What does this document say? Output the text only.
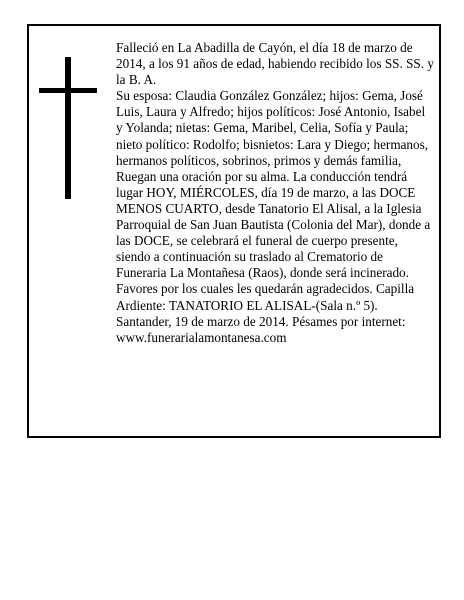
Falleció en La Abadilla de Cayón, el día 18 de marzo de 2014, a los 91 años de edad, habiendo recibido los SS. SS. y la B. A.

Su esposa: Claudia González González; hijos: Gema, José Luis, Laura y Alfredo; hijos políticos: José Antonio, Isabel y Yolanda; nietas: Gema, Maribel, Celia, Sofía y Paula; nieto político: Rodolfo; bisnietos: Lara y Diego; hermanos, hermanos políticos, sobrinos, primos y demás familia,

Ruegan una oración por su alma. La conducción tendrá lugar HOY, MIÉRCOLES, día 19 de marzo, a las DOCE MENOS CUARTO, desde Tanatorio El Alisal, a la Iglesia Parroquial de San Juan Bautista (Colonia del Mar), donde a las DOCE, se celebrará el funeral de cuerpo presente, siendo a continuación su traslado al Crematorio de Funeraria La Montañesa (Raos), donde será incinerado. Favores por los cuales les quedarán agradecidos. Capilla Ardiente: TANATORIO EL ALISAL-(Sala n.º 5).

Santander, 19 de marzo de 2014. Pésames por internet: www.funerarialamontanesa.com
